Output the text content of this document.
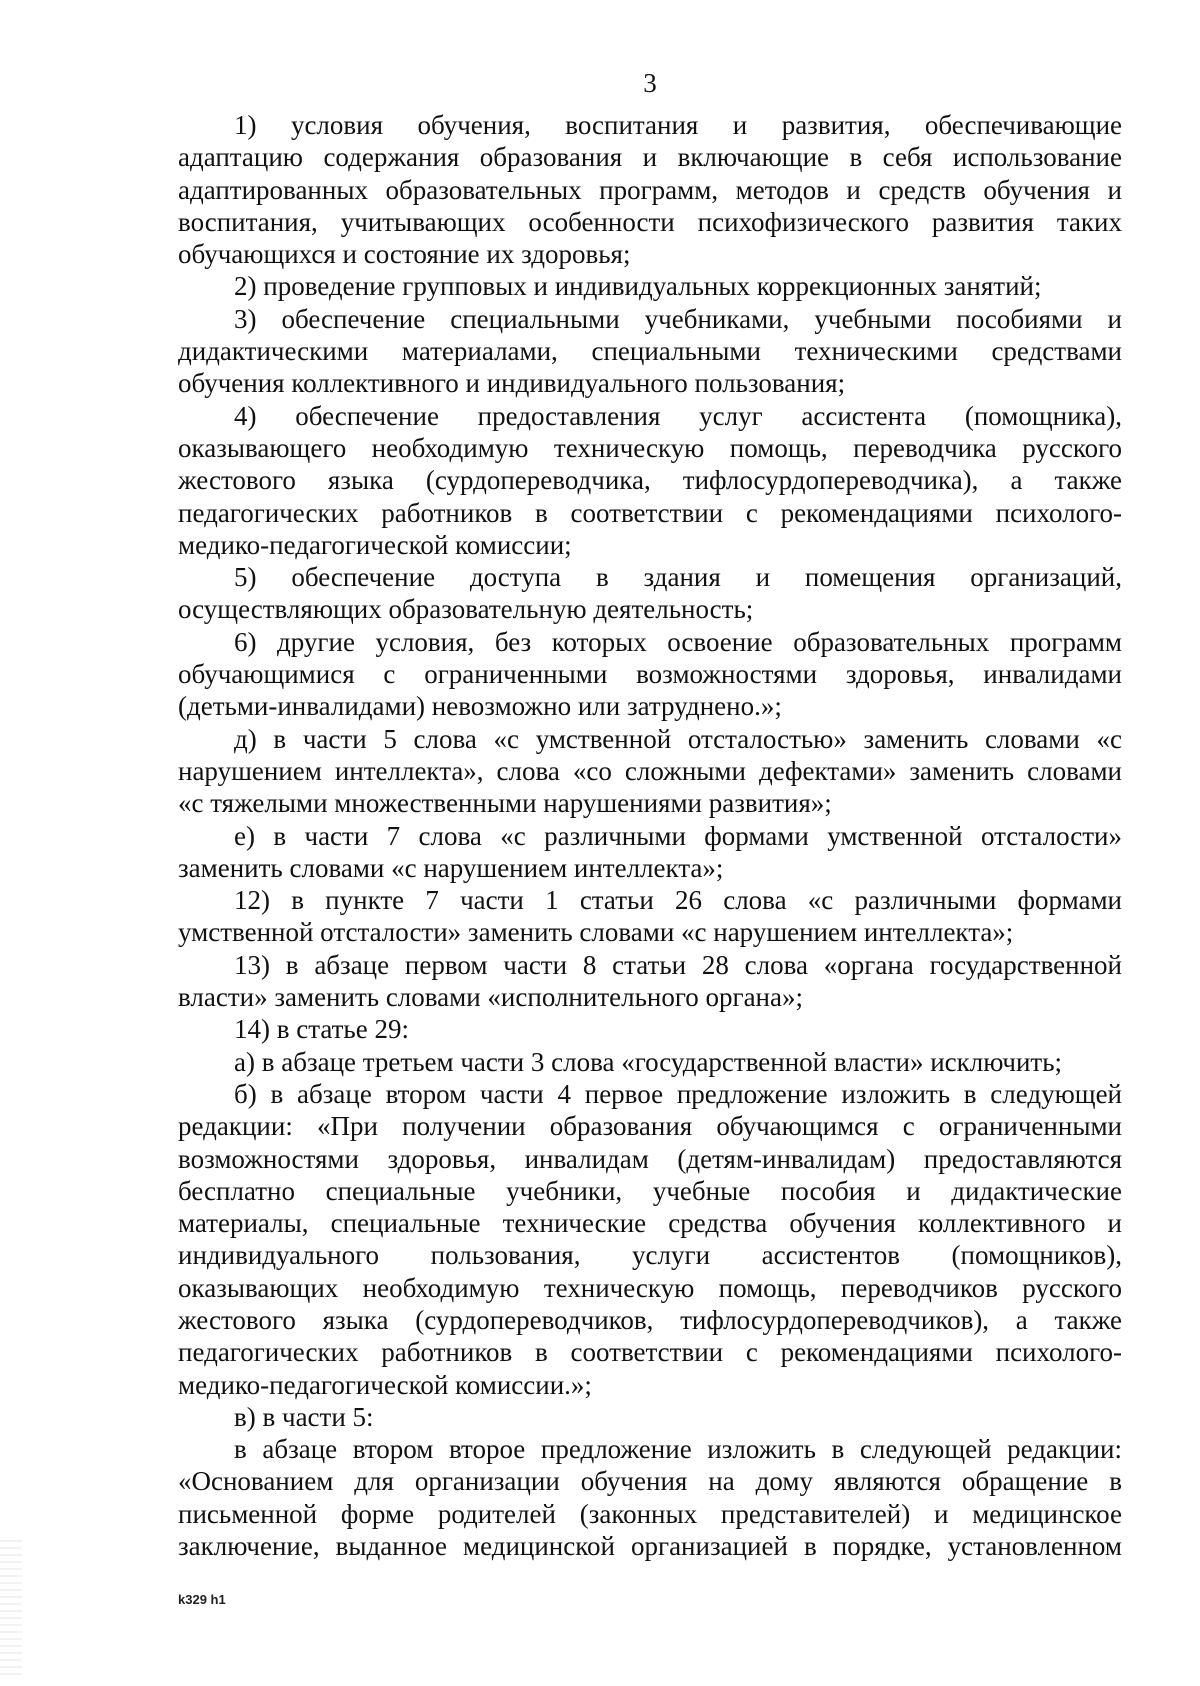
3
1) условия обучения, воспитания и развития, обеспечивающие
адаптацию содержания образования и включающие в себя использование
адаптированных образовательных программ, методов и средств обучения и
воспитания, учитывающих особенности психофизического развития таких
обучающихся и состояние их здоровья;
2) проведение групповых и индивидуальных коррекционных занятий;
3) обеспечение специальными учебниками, учебными пособиями и
дидактическими материалами, специальными техническими средствами
обучения коллективного и индивидуального пользования;
4) обеспечение предоставления услуг ассистента (помощника),
оказывающего необходимую техническую помощь, переводчика русского
жестового языка (сурдопереводчика, тифлосурдопереводчика), а также
педагогических работников в соответствии с рекомендациями психолого-
медико-педагогической комиссии;
5) обеспечение доступа в здания и помещения организаций,
осуществляющих образовательную деятельность;
6) другие условия, без которых освоение образовательных программ
обучающимися с ограниченными возможностями здоровья, инвалидами
(детьми-инвалидами) невозможно или затруднено.»;
д) в части 5 слова «с умственной отсталостью» заменить словами «с
нарушением интеллекта», слова «со сложными дефектами» заменить словами
«с тяжелыми множественными нарушениями развития»;
е) в части 7 слова «с различными формами умственной отсталости»
заменить словами «с нарушением интеллекта»;
12) в пункте 7 части 1 статьи 26 слова «с различными формами
умственной отсталости» заменить словами «с нарушением интеллекта»;
13) в абзаце первом части 8 статьи 28 слова «органа государственной
власти» заменить словами «исполнительного органа»;
14) в статье 29:
а) в абзаце третьем части 3 слова «государственной власти» исключить;
б) в абзаце втором части 4 первое предложение изложить в следующей
редакции: «При получении образования обучающимся с ограниченными
возможностями здоровья, инвалидам (детям-инвалидам) предоставляются
бесплатно специальные учебники, учебные пособия и дидактические
материалы, специальные технические средства обучения коллективного и
индивидуального пользования, услуги ассистентов (помощников),
оказывающих необходимую техническую помощь, переводчиков русского
жестового языка (сурдопереводчиков, тифлосурдопереводчиков), а также
педагогических работников в соответствии с рекомендациями психолого-
медико-педагогической комиссии.»;
в) в части 5:
в абзаце втором второе предложение изложить в следующей редакции:
«Основанием для организации обучения на дому являются обращение в
письменной форме родителей (законных представителей) и медицинское
заключение, выданное медицинской организацией в порядке, установленном
k329 h1
